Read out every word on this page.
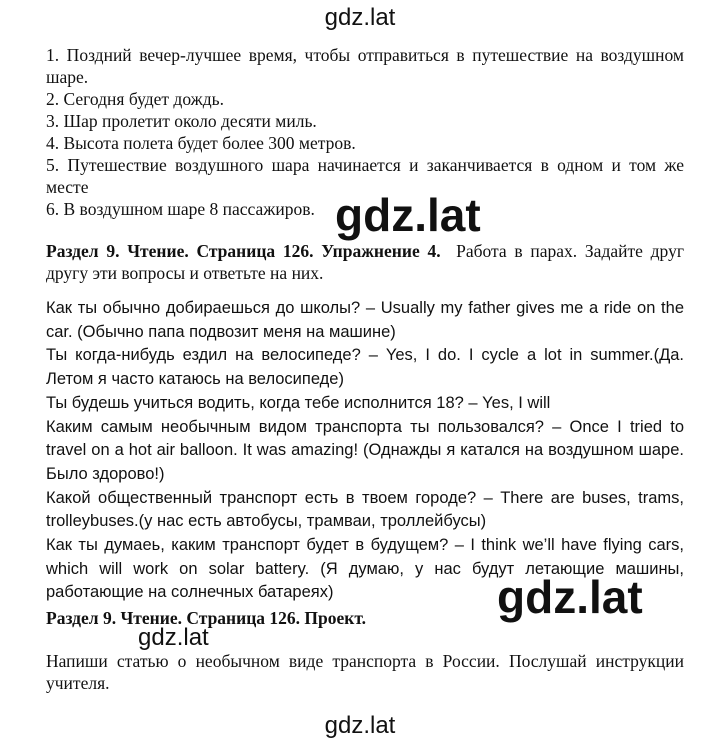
gdz.lat

1. Поздний вечер-лучшее время, чтобы отправиться в путешествие на воздушном шаре.

2. Сегодня будет дождь.

3. Шар пролетит около десяти миль.

4. Высота полета будет более 300 метров.

5. Путешествие воздушного шара начинается и заканчивается в одном и том же месте

6. В воздушном шаре 8 пассажиров. gdz.lat

Раздел 9. Чтение. Страница 126. Упражнение 4. Работа в парах. Задайте друг другу эти вопросы и ответьте на них.

Как ты обычно добираешься до школы? – Usually my father gives me a ride on the car. (Обычно папа подвозит меня на машине)

Ты когда-нибудь ездил на велосипеде? – Yes, I do. I cycle a lot in summer.(Да. Летом я часто катаюсь на велосипеде)

Ты будешь учиться водить, когда тебе исполнится 18? – Yes, I will

Каким самым необычным видом транспорта ты пользовался? – Once I tried to travel on a hot air balloon. It was amazing! (Однажды я катался на воздушном шаре. Было здорово!)

Какой общественный транспорт есть в твоем городе? – There are buses, trams, trolleybuses.(у нас есть автобусы, трамваи, троллейбусы)

Как ты думаеь, каким транспорт будет в будущем? – I think we’ll have flying cars, which will work on solar battery. (Я думаю, у нас будут летающие машины, работающие на солнечных батареях)	gdz.lat

Раздел 9. Чтение. Страница 126. Проект.

gdz.lat

Напиши статью о необычном виде транспорта в России. Послушай инструкции учителя.

gdz.lat
